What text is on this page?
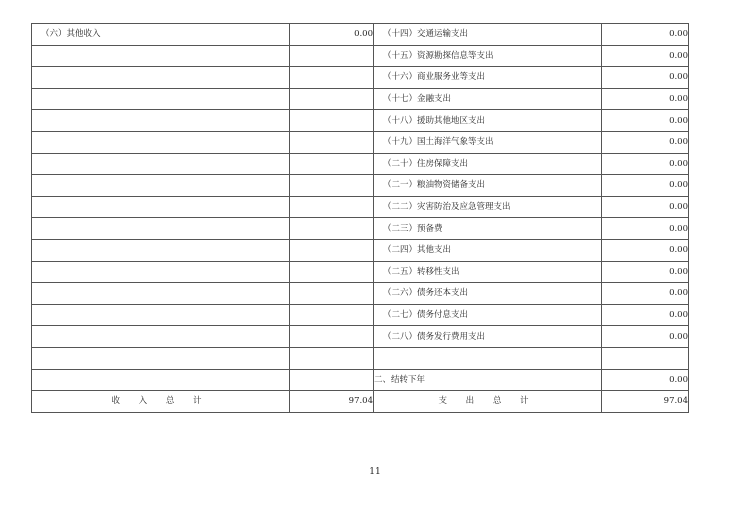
（六）其他收入	0.00	（十四）交通运输支出	0.00
		（十五）资源勘探信息等支出	0.00
		（十六）商业服务业等支出	0.00
		（十七）金融支出	0.00
		（十八）援助其他地区支出	0.00
		（十九）国土海洋气象等支出	0.00
		（二十）住房保障支出	0.00
		（二一）粮油物资储备支出	0.00
		（二二）灾害防治及应急管理支出	0.00
		（二三）预备费	0.00
		（二四）其他支出	0.00
		（二五）转移性支出	0.00
		（二六）债务还本支出	0.00
		（二七）债务付息支出	0.00
		（二八）债务发行费用支出	0.00

		二、结转下年	0.00
收 入 总 计	97.04	支 出 总 计	97.04
11
